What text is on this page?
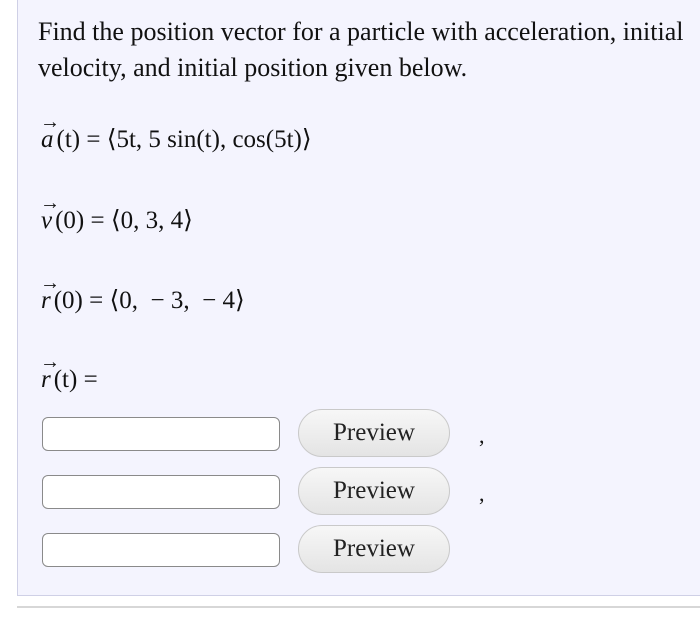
Find the position vector for a particle with acceleration, initial velocity, and initial position given below.
→
a (t) = ⟨5t, 5 sin(t), cos(5t)⟩
→
v (0) = ⟨0, 3, 4⟩
→
r (0) = ⟨0,  − 3,  − 4⟩
→
r (t) =
Preview	,
Preview	,
Preview
